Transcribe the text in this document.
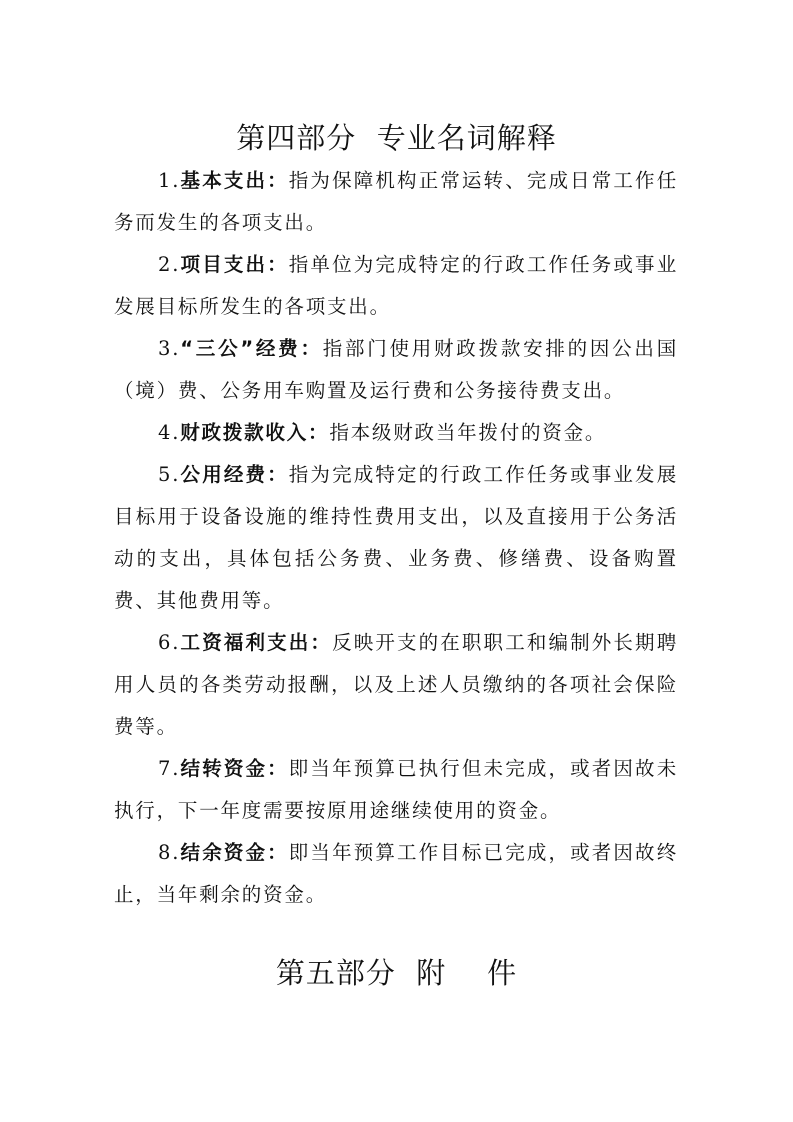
第四部分  专业名词解释

1.基本支出：指为保障机构正常运转、完成日常工作任务而发生的各项支出。

2.项目支出：指单位为完成特定的行政工作任务或事业发展目标所发生的各项支出。

3.“三公”经费：指部门使用财政拨款安排的因公出国（境）费、公务用车购置及运行费和公务接待费支出。

4.财政拨款收入：指本级财政当年拨付的资金。

5.公用经费：指为完成特定的行政工作任务或事业发展目标用于设备设施的维持性费用支出，以及直接用于公务活动的支出，具体包括公务费、业务费、修缮费、设备购置费、其他费用等。

6.工资福利支出：反映开支的在职职工和编制外长期聘用人员的各类劳动报酬，以及上述人员缴纳的各项社会保险费等。

7.结转资金：即当年预算已执行但未完成，或者因故未执行，下一年度需要按原用途继续使用的资金。

8.结余资金：即当年预算工作目标已完成，或者因故终止，当年剩余的资金。

第五部分  附    件
